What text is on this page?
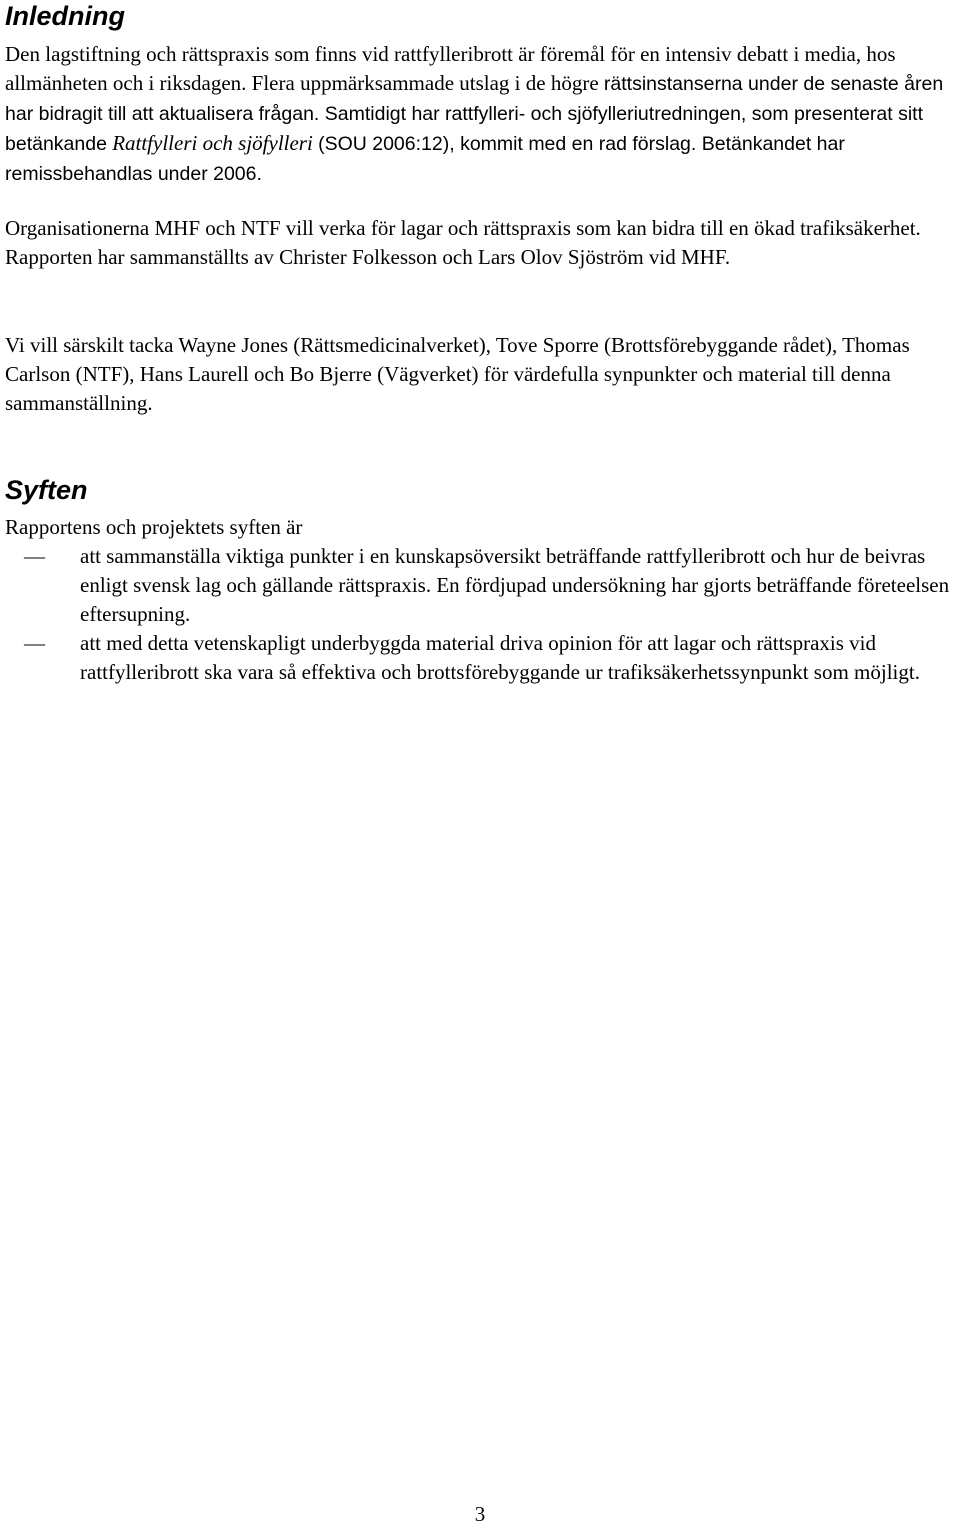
Inledning

Den lagstiftning och rättspraxis som finns vid rattfylleribrott är föremål för en intensiv debatt i media, hos allmänheten och i riksdagen. Flera uppmärksammade utslag i de högre rättsinstanserna under de senaste åren har bidragit till att aktualisera frågan. Samtidigt har rattfylleri- och sjöfylleriutredningen, som presenterat sitt betänkande Rattfylleri och sjöfylleri (SOU 2006:12), kommit med en rad förslag. Betänkandet har remissbehandlas under 2006.

Organisationerna MHF och NTF vill verka för lagar och rättspraxis som kan bidra till en ökad trafiksäkerhet. Rapporten har sammanställts av Christer Folkesson och Lars Olov Sjöström vid MHF.

Vi vill särskilt tacka Wayne Jones (Rättsmedicinalverket), Tove Sporre (Brottsförebyggande rådet), Thomas Carlson (NTF), Hans Laurell och Bo Bjerre (Vägverket) för värdefulla synpunkter och material till denna sammanställning.

Syften

Rapportens och projektets syften är

— att sammanställa viktiga punkter i en kunskapsöversikt beträffande rattfylleribrott och hur de beivras enligt svensk lag och gällande rättspraxis. En fördjupad undersökning har gjorts beträffande företeelsen eftersupning.
— att med detta vetenskapligt underbyggda material driva opinion för att lagar och rättspraxis vid rattfylleribrott ska vara så effektiva och brottsförebyggande ur trafiksäkerhetssynpunkt som möjligt.
3
